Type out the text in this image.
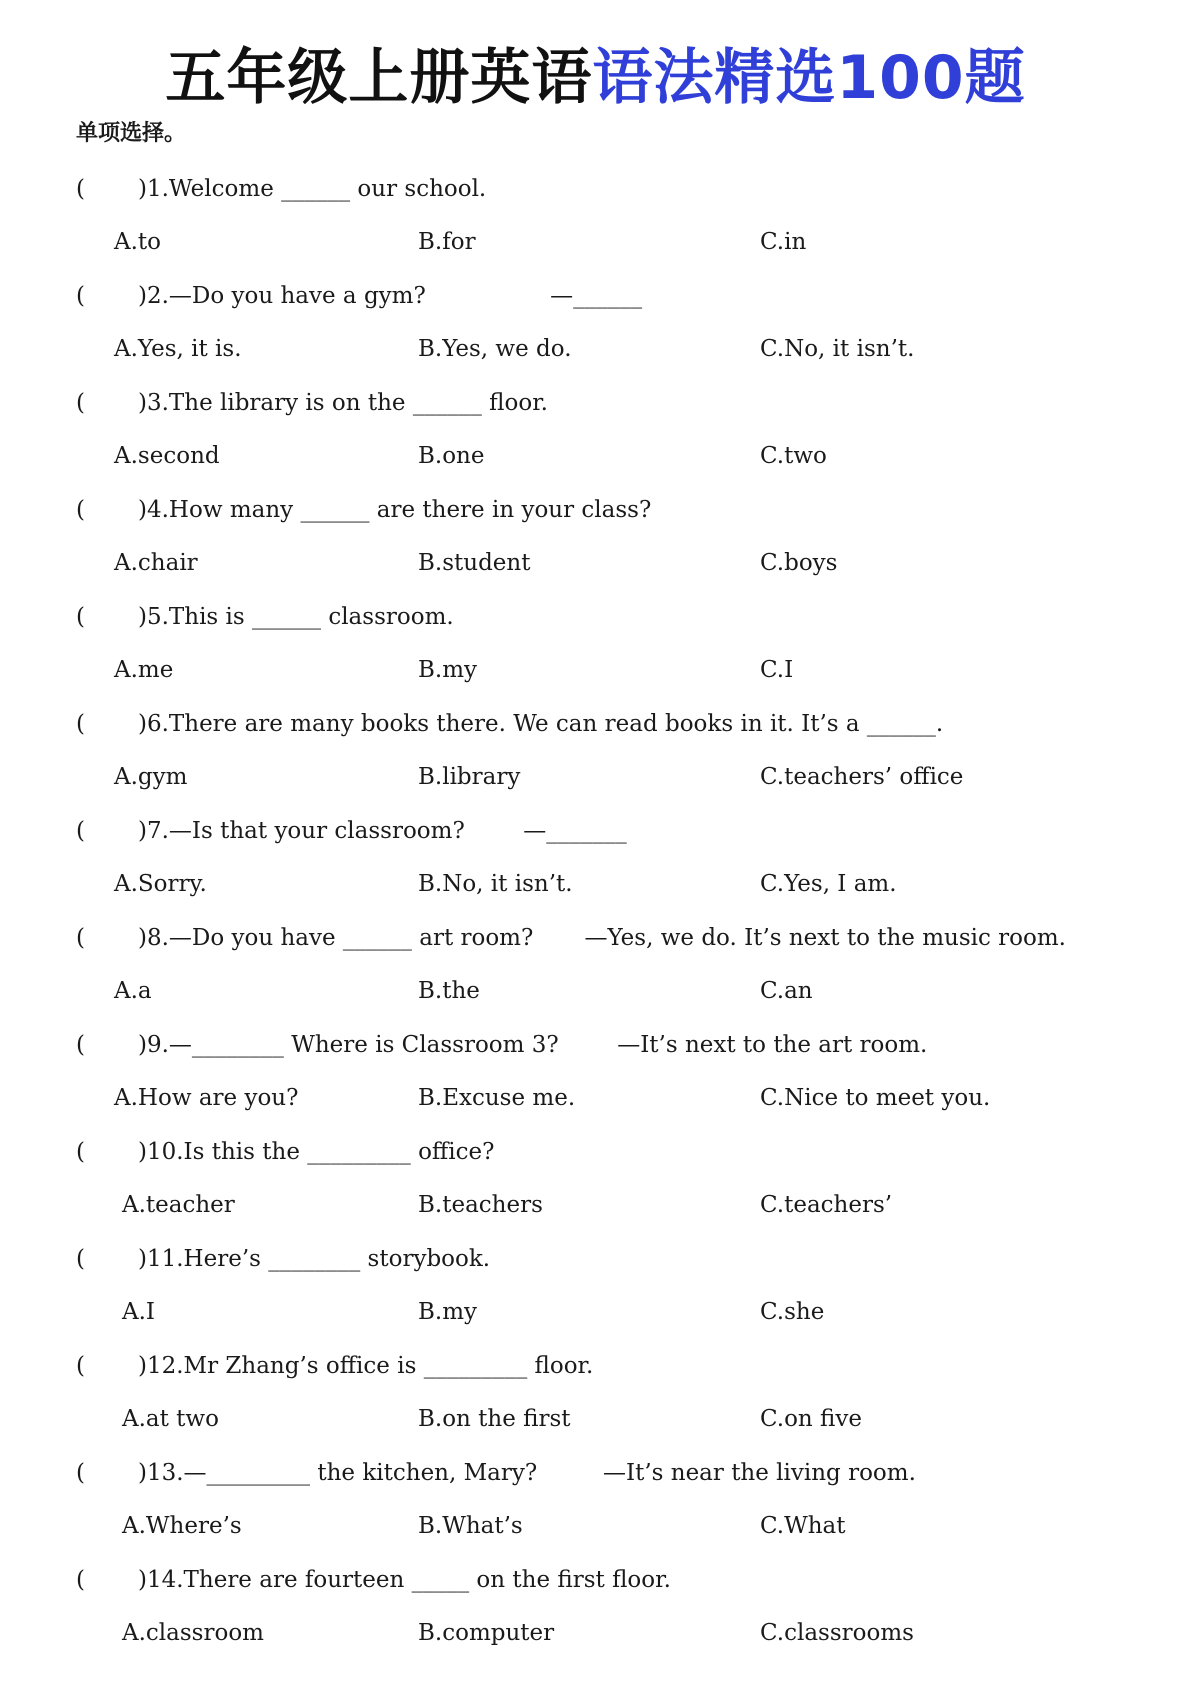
五年级上册英语语法精选100题
单项选择。
( )1.Welcome ______ our school.
A.to	B.for	C.in
( )2.—Do you have a gym?                 —______
A.Yes, it is.	B.Yes, we do.	C.No, it isn’t.
( )3.The library is on the ______ floor.
A.second	B.one	C.two
( )4.How many ______ are there in your class?
A.chair	B.student	C.boys
( )5.This is ______ classroom.
A.me	B.my	C.I
( )6.There are many books there. We can read books in it. It’s a ______.
A.gym	B.library	C.teachers’ office
( )7.—Is that your classroom?        —_______
A.Sorry.	B.No, it isn’t.	C.Yes, I am.
( )8.—Do you have ______ art room?       —Yes, we do. It’s next to the music room.
A.a	B.the	C.an
( )9.—________ Where is Classroom 3?        —It’s next to the art room.
A.How are you?	B.Excuse me.	C.Nice to meet you.
( )10.Is this the _________ office?
A.teacher	B.teachers	C.teachers’
( )11.Here’s ________ storybook.
A.I	B.my	C.she
( )12.Mr Zhang’s office is _________ floor.
A.at two	B.on the first	C.on five
( )13.—_________ the kitchen, Mary?         —It’s near the living room.
A.Where’s	B.What’s	C.What
( )14.There are fourteen _____ on the first floor.
A.classroom	B.computer	C.classrooms
